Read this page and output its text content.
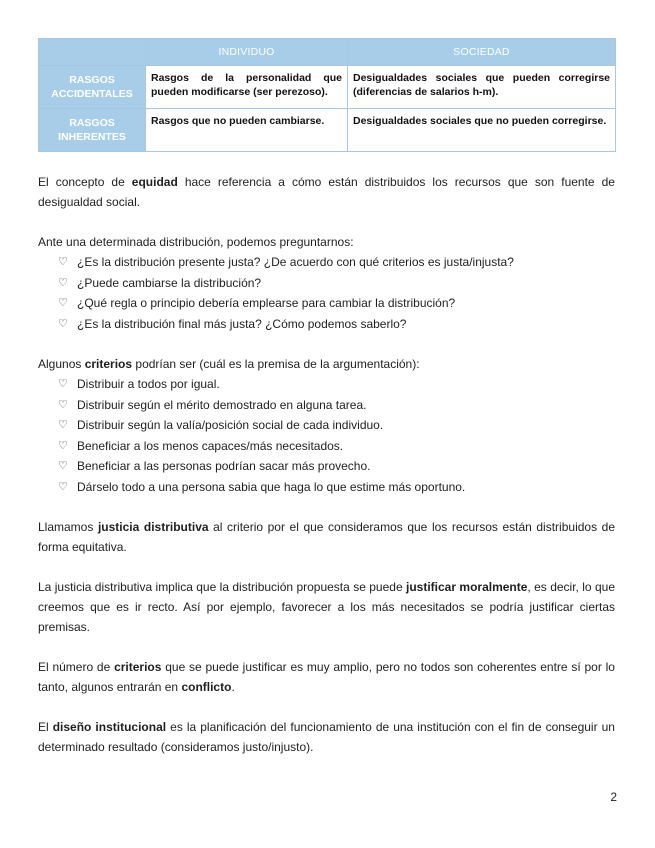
	INDIVIDUO	SOCIEDAD

RASGOS
ACCIDENTALES	Rasgos de la personalidad que pueden modificarse (ser perezoso).	Desigualdades sociales que pueden corregirse (diferencias de salarios h-m).

RASGOS
INHERENTES	Rasgos que no pueden cambiarse.	Desigualdades sociales que no pueden corregirse.

El concepto de equidad hace referencia a cómo están distribuidos los recursos que son fuente de desigualdad social.

Ante una determinada distribución, podemos preguntarnos:

♡ ¿Es la distribución presente justa? ¿De acuerdo con qué criterios es justa/injusta?
♡ ¿Puede cambiarse la distribución?
♡ ¿Qué regla o principio debería emplearse para cambiar la distribución?
♡ ¿Es la distribución final más justa? ¿Cómo podemos saberlo?

Algunos criterios podrían ser (cuál es la premisa de la argumentación):

♡ Distribuir a todos por igual.
♡ Distribuir según el mérito demostrado en alguna tarea.
♡ Distribuir según la valía/posición social de cada individuo.
♡ Beneficiar a los menos capaces/más necesitados.
♡ Beneficiar a las personas podrían sacar más provecho.
♡ Dárselo todo a una persona sabia que haga lo que estime más oportuno.

Llamamos justicia distributiva al criterio por el que consideramos que los recursos están distribuidos de forma equitativa.

La justicia distributiva implica que la distribución propuesta se puede justificar moralmente, es decir, lo que creemos que es ir recto. Así por ejemplo, favorecer a los más necesitados se podría justificar ciertas premisas.

El número de criterios que se puede justificar es muy amplio, pero no todos son coherentes entre sí por lo tanto, algunos entrarán en conflicto.

El diseño institucional es la planificación del funcionamiento de una institución con el fin de conseguir un determinado resultado (consideramos justo/injusto).

2
